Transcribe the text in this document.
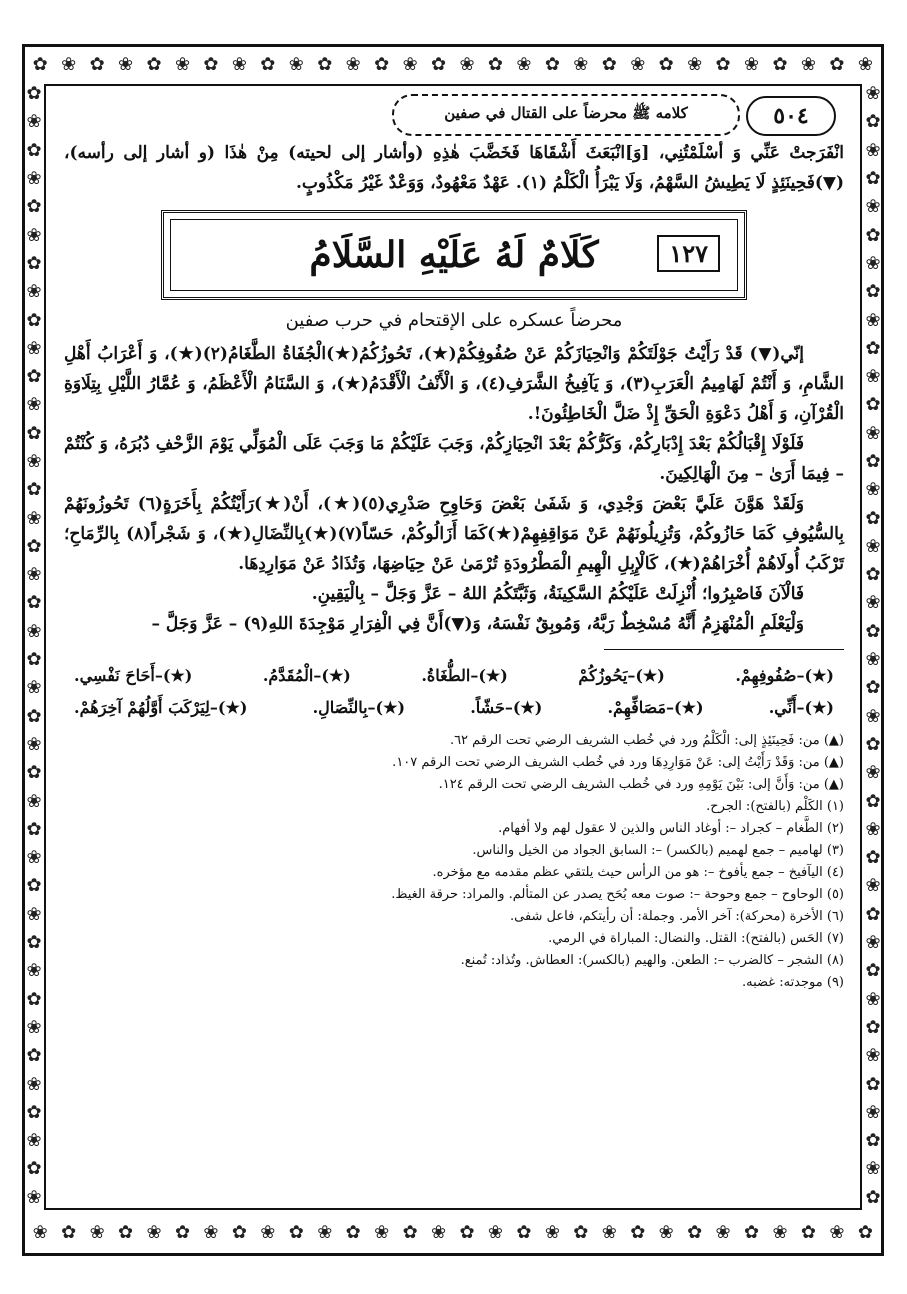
✿ ❀ ✿ ❀ ✿ ❀ ✿ ❀ ✿ ❀ ✿ ❀ ✿ ❀ ✿ ❀ ✿ ❀ ✿ ❀ ✿ ❀ ✿ ❀ ✿ ❀ ✿ ❀ ✿ ❀
❀ ✿ ❀ ✿ ❀ ✿ ❀ ✿ ❀ ✿ ❀ ✿ ❀ ✿ ❀ ✿ ❀ ✿ ❀ ✿ ❀ ✿ ❀ ✿ ❀ ✿ ❀ ✿ ❀ ✿
✿
❀
✿
❀
✿
❀
✿
❀
✿
❀
✿
❀
✿
❀
✿
❀
✿
❀
✿
❀
✿
❀
✿
❀
✿
❀
✿
❀
✿
❀
✿
❀
✿
❀
✿
❀
✿
❀
✿
❀
❀
✿
❀
✿
❀
✿
❀
✿
❀
✿
❀
✿
❀
✿
❀
✿
❀
✿
❀
✿
❀
✿
❀
✿
❀
✿
❀
✿
❀
✿
❀
✿
❀
✿
❀
✿
❀
✿
❀
✿
٥٠٤
كلامه ﷺ محرضاً على القتال في صفين

انْفَرَجتْ عَنِّي وَ أسْلَمْتُنِي، [وَ]انْبَعَثَ أَشْقَاهَا فَخَضَّبَ هٰذِهِ (وأشار إلى لحيته) مِنْ هٰذَا (و أشار إلى رأسه)، (▼)فَحِينَئِذٍ لَا يَطِيشُ السَّهْمُ، وَلَا يَبْرَأُ الْكَلْمُ (١). عَهْدٌ مَعْهُودٌ، وَوَعْدٌ غَيْرُ مَكْذُوبٍ.

كَلَامٌ لَهُ عَلَيْهِ السَّلَامُ	١٢٧
محرضاً عسكره على الإقتحام في حرب صفين

إنّي(▼) قَدْ رَأَيْتُ جَوْلَتَكُمْ وَانْحِيَازَكُمْ عَنْ صُفُوفِكُمْ(★)، تَحُوزُكُمُ(★)الْجُفَاةُ الطَّغَامُ(٢)(★)، وَ أَعْرَابُ أَهْلِ الشَّامِ، وَ أَنْتُمْ لَهَامِيمُ الْعَرَبِ(٣)، وَ يَآفِيخُ الشَّرَفِ(٤)، وَ الْأَنْفُ الْأَقْدَمُ(★)، وَ السَّنَامُ الْأَعْظَمُ، وَ عُمَّارُ اللَّيْلِ بِتِلَاوَةِ الْقُرْآنِ، وَ أَهْلُ دَعْوَةِ الْحَقِّ إِذْ ضَلَّ الْخَاطِئُونَ!.

فَلَوْلَا إِقْبَالُكُمْ بَعْدَ إِدْبَارِكُمْ، وَكَرُّكُمْ بَعْدَ انْحِيَازِكُمْ، وَجَبَ عَلَيْكُمْ مَا وَجَبَ عَلَى الْمُوَلِّي يَوْمَ الزَّحْفِ دُبُرَهُ، وَ كُنْتُمْ – فِيمَا أَرَىٰ – مِنَ الْهَالِكِينَ.

وَلَقَدْ هَوَّنَ عَلَيَّ بَعْضَ وَجْدِي، وَ شَفَىٰ بَعْضَ وَحَاوِحِ صَدْرِي(٥)(★)، أَنْ(★)رَأَيْتُكُمْ بِأَخَرَةٍ(٦) تَحُوزُونَهُمْ بِالسُّيُوفِ كَمَا حَازُوكُمْ، وَتُزِيلُونَهُمْ عَنْ مَوَاقِفِهِمْ(★)كَمَا أَزَالُوكُمْ، حَسّاً(٧)(★)بِالنِّضَالِ(★)، وَ شَجْراً(٨) بِالرِّمَاحِ؛ تَرْكَبُ أُولَاهُمْ أُخْرَاهُمْ(★)، كَالْإِبِلِ الْهِيمِ الْمَطْرُودَةِ تُرْمَىٰ عَنْ حِيَاضِهَا، وَتُذَادُ عَنْ مَوَارِدِهَا.

فَالْآنَ فَاصْبِرُوا؛ أُنْزِلَتْ عَلَيْكُمُ السَّكِينَةُ، وَثَبَّتَكُمُ اللهُ – عَزَّ وَجَلَّ – بِالْيَقِينِ.

وَلْيَعْلَمِ الْمُنْهَزِمُ أَنَّهُ مُسْخِطٌ رَبَّهُ، وَمُوبِقٌ نَفْسَهُ، وَ(▼)أَنَّ فِي الْفِرَارِ مَوْجِدَةَ اللهِ(٩) – عَزَّ وَجَلَّ –

(★)–صُفُوفِهِمْ.
(★)–يَحُوزُكُمْ
(★)–الطُّغَاةُ.
(★)–الْمُقَدَّمُ.
(★)–أَحَاحَ نَفْسِي.
(★)–أَنِّي.
(★)–مَصَافِّهِمْ.
(★)–حَشّاً.
(★)–بِالنِّصَالِ.
(★)–لِيَرْكَبَ أَوَّلُهُمْ آخِرَهُمْ.
(▲) من: فَحِينَئِذٍ إلى: الْكَلْمُ ورد في خُطب الشريف الرضي تحت الرقم ٦٢.
(▲) من: وَقَدْ رَأَيْتُ إلى: عَنْ مَوَارِدِهَا ورد في خُطب الشريف الرضي تحت الرقم ١٠٧.
(▲) من: وَأَنَّ إلى: بَيْنَ يَوْمِهِ ورد في خُطب الشريف الرضي تحت الرقم ١٢٤.
(١) الكَلْم (بالفتح): الجرح.
(٢) الطَّغام – كجراد –: أوغاد الناس والذين لا عقول لهم ولا أفهام.
(٣) لهاميم – جمع لهميم (بالكسر) –: السابق الجواد من الخيل والناس.
(٤) اليآفيخ – جمع يأفوخ –: هو من الرأس حيث يلتقي عظم مقدمه مع مؤخره.
(٥) الوحاوح – جمع وحوحة –: صوت معه بُحَح يصدر عن المتألم. والمراد: حرقة الغيظ.
(٦) الأخرة (محركة): آخر الأمر. وجملة: أن رأيتكم، فاعل شفى.
(٧) الحَس (بالفتح): القتل. والنضال: المباراة في الرمي.
(٨) الشجر – كالضرب –: الطعن. والهيم (بالكسر): العطاش. وتُذاد: تُمنع.
(٩) موجدته: غضبه.
